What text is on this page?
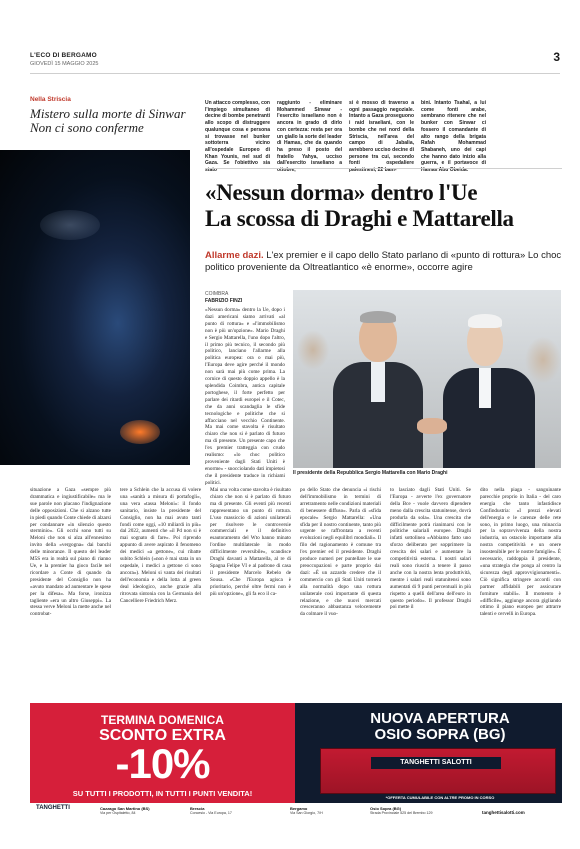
L'ECO DI BERGAMO
GIOVEDÌ 15 MAGGIO 2025	3
Nella Striscia
Mistero sulla morte di Sinwar Non ci sono conferme
Un attacco complesso, con l'impiego simultaneo di decine di bombe penetranti allo scopo di distruggere qualunque cosa e persona si trovasse nel bunker sottoterra vicino all'ospedale Europeo di Khan Younis, nel sud di Gaza. Se l'obiettivo sia stato
raggiunto - eliminare Mohammed Sinwar - l'esercito israeliano non è ancora in grado di dirlo con certezza: resta per ora un giallo la sorte del leader di Hamas, che da quando ha preso il posto del fratello Yahya, ucciso dall'esercito israeliano a ottobre,
si è mosso di traverso a ogni passaggio negoziale. Intanto a Gaza proseguono i raid israeliani, con le bombe che nei nord della Striscia, nell'area del campo di Jabalia, avrebbero ucciso decine di persone tra cui, secondo fonti ospedaliere palestinesi, 22 bam-
bini. Intanto Tsahal, a lui come fonti arabe, sembrano ritenere che nel bunker con Sinwar ci fossero il comandante di alto rango della brigata Rafah Mohammad Shabaneh, uno dei capi che hanno dato inizio alla guerra, e il portavoce di Hamas Abu Obeida.
«Nessun dorma» dentro l'Ue
La scossa di Draghi e Mattarella
Allarme dazi. L'ex premier e il capo dello Stato parlano di «punto di rottura» Lo choc politico proveniente da Oltreatlantico «è enorme», occorre agire
COIMBRA
FABRIZIO FINZI
«Nessun dorma» dentro la Ue, dopo i dazi americani siamo arrivati «al punto di rottura» e «l'immobilismo non è più un'opzione». Mario Draghi e Sergio Mattarella, l'uno dopo l'altro, il primo più tecnico, il secondo più politico, lanciano l'allarme alla politica europea: ora o mai più, l'Europa deve agire perché il mondo non sarà mai più come prima. La cornice di questo doppio appello è la splendida Coimbra, antica capitale portoghese, il forte perfetto per parlare dei ritardi europei e il Cotec, che da anni scandaglia le sfide tecnologiche e politiche che si affacciano nel vecchio Continente. Ma mai come stavolta è risultato chiaro che non si è parlato di futuro ma di presente. Un presente capo che l'ex premier tratteggia con crudo realismo: «lo choc politico proveniente dagli Stati Uniti è enorme» - snocciolando dati impietosi che il presidente traduce in richiami politici.
Il presidente della Repubblica Sergio Mattarella con Mario Draghi
situazione a Gaza «sempre più drammatica e ingiustificabile» ma le sue parole non placano l'indignazione delle opposizioni. Che si alzano tutte in piedi quando Conte chiede di alzarsi per condannare «in silenzio questo sterminio». Gli occhi sono tutti su Meloni che non si alza all'ennesimo invito della «vergogna» dai banchi delle minoranze. Il questo del leader M5S era in realtà sul piano di rianno Ue, e la premier ha gioco facile nel ricordare a Conte di quando da presidente del Consiglio non ha «avuto mandato ad aumentare le spese per la difesa». Ma forse, ironizza tagliente «era un altro Giuseppi». La stessa verve Meloni la mette anche nel controbat-
tere a Schlein che la accusa di volere una «sanità a misura di portafogli», una vera «tassa Meloni»: il fondo sanitario, insiste la presidente del Consiglio, non ha mai avuto tanti fondi come oggi, «10 miliardi in più» dal 2022, aumenti che «il Pd non si è mai sognato di fare». Poi riprendo appunto di avere aspirato il fenomeno dei medici «a gettone», cui ribatte subito Schlein («non è mai stata in un ospedale, i medici a gettone ci sono ancora»). Meloni si vanta dei risultati dell'economia e della lotta al green deal ideologico, anche grazie alla ritrovata sintonia con la Germania del Cancelliere Friedrich Merz.
Mai una volta come stavolta è risultato chiaro che non si è parlato di futuro ma di presente. Gli eventi più recenti rappresentano un punto di rottura. L'uso massiccio di azioni unilaterali per risolvere le controversie commerciali e il definitivo esautoramento del Wto hanno minato l'ordine multilaterale in modo difficilmente reversibile», scandisce Draghi davanti a Mattarella, al re di Spagna Felipe VI e al padrone di casa il presidente Marcelo Rebelo de Sousa. «Che l'Europa agisca è prioritario, perché oltre fermi non è più un'opzione», gli fa eco il ca-
po dello Stato che denuncia «i rischi dell'immobilismo in termini di arretramento nelle condizioni materiali di benessere diffuso». Parla di «sfida epocale» Sergio Mattarella: «Una sfida per il nostro continente, tanto più urgente se raffrontata a recenti evoluzioni negli equilibri mondiali». Il filo del ragionamento è comune tra l'ex premier ed il presidente. Draghi produce numeri per puntellare le sue preoccupazioni e parte proprio dai dazi: «È un azzardo credere che il commercio con gli Stati Uniti tornerà alla normalità dopo una rottura unilaterale così importante di questa relazione, e che nuovi mercati cresceranno abbastanza velocemente da colmare il vuo-
to lasciato dagli Stati Uniti. Se l'Europa - avverte l'ex governatore della Bce - vuole davvero dipendere meno dalla crescita statunitense, dovrà produrla da sola». Una crescita che difficilmente potrà rianimarsi con le politiche salariali europee. Draghi infatti sottolinea «Abbiamo fatto uno sforzo deliberato per sopprimere la crescita dei salari e aumentare la competitività esterna. I nostri salari reali sono riusciti a tenere il passo anche con la nostra lenta produttività, mentre i salari reali statunitensi sono aumentati di 9 punti percentuali in più rispetto a quelli dell'area dell'euro in questo periodo». Il professor Draghi poi mette il
dito nella piaga - sanguinante parecchie proprio in Italia - del caro energia che tanto infastidisce Confindustria: «I prezzi elevati dell'energia e le carenze delle rete sono, in primo luogo, una minaccia per la sopravvivenza della nostra industria, un ostacolo importante alla nostra competitività e un onere insostenibile per le nostre famiglie». È necessario, raddoppia il presidente, «una strategia che ponga al centro la sicurezza degli approvvigionamenti». Ciò significa stringere accordi con partner affidabili per assicurare forniture stabili». Il momento è «difficile», aggiunge ancora gigliando ottimo il piano europeo per attrarre talenti e cervelli in Europa.
TERMINA DOMENICA
SCONTO EXTRA
-10%
SU TUTTI I PRODOTTI, IN TUTTI I PUNTI VENDITA!
NUOVA APERTURA
OSIO SOPRA (BG)
TANGHETTI SALOTTI
*OFFERTA CUMULABILE CON ALTRE PROMO IN CORSO
TANGHETTI	Cazzago San Martino (BS)
Via per Ospitaletto, 84
Brescia
Concesio - Via Europa, 17
Bergamo
Via San Giorgio, 7/H
Osio Sopra (BG)
Strada Provinciale 525 del Brembo 129	tanghettisalotti.com
